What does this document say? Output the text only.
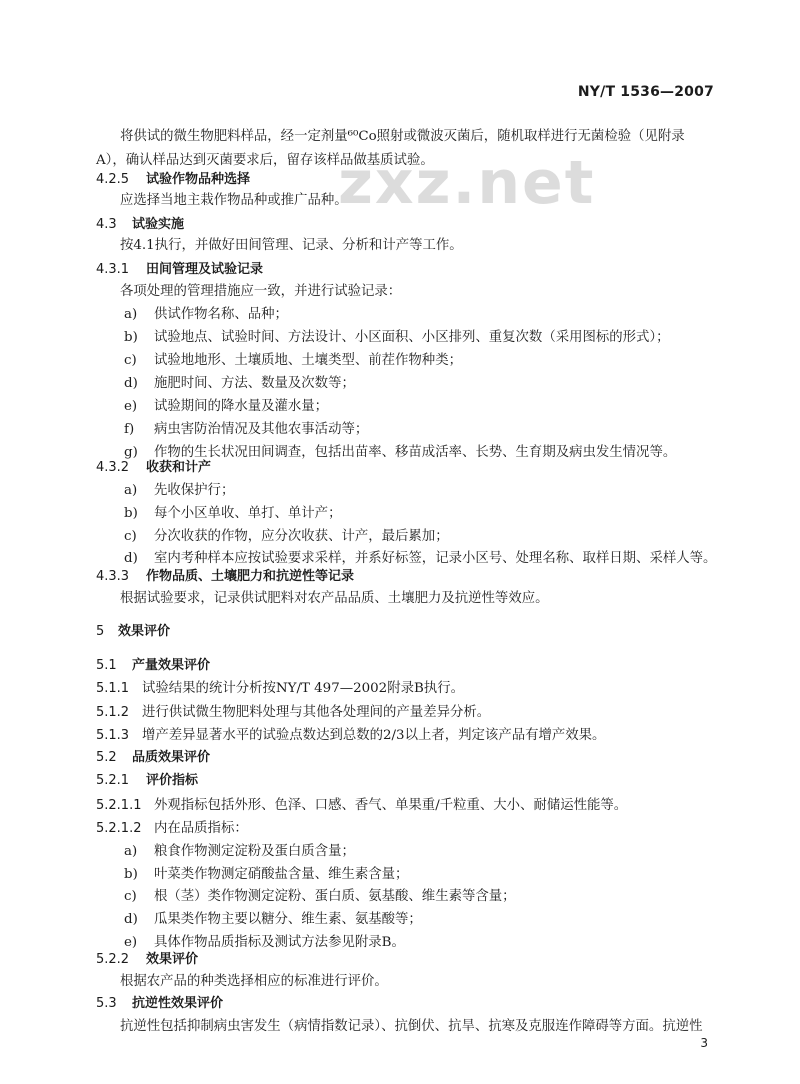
NY/T 1536—2007
zxz.net
将供试的微生物肥料样品，经一定剂量⁶⁰Co照射或微波灭菌后，随机取样进行无菌检验（见附录
A），确认样品达到灭菌要求后，留存该样品做基质试验。
4.2.5 试验作物品种选择
应选择当地主栽作物品种或推广品种。
4.3 试验实施
按4.1执行，并做好田间管理、记录、分析和计产等工作。
4.3.1 田间管理及试验记录
各项处理的管理措施应一致，并进行试验记录：
a) 供试作物名称、品种；
b) 试验地点、试验时间、方法设计、小区面积、小区排列、重复次数（采用图标的形式）；
c) 试验地地形、土壤质地、土壤类型、前茬作物种类；
d) 施肥时间、方法、数量及次数等；
e) 试验期间的降水量及灌水量；
f) 病虫害防治情况及其他农事活动等；
g) 作物的生长状况田间调查，包括出苗率、移苗成活率、长势、生育期及病虫发生情况等。
4.3.2 收获和计产
a) 先收保护行；
b) 每个小区单收、单打、单计产；
c) 分次收获的作物，应分次收获、计产，最后累加；
d) 室内考种样本应按试验要求采样，并系好标签，记录小区号、处理名称、取样日期、采样人等。
4.3.3 作物品质、土壤肥力和抗逆性等记录
根据试验要求，记录供试肥料对农产品品质、土壤肥力及抗逆性等效应。
5 效果评价
5.1 产量效果评价
5.1.1 试验结果的统计分析按NY/T 497—2002附录B执行。
5.1.2 进行供试微生物肥料处理与其他各处理间的产量差异分析。
5.1.3 增产差异显著水平的试验点数达到总数的2/3以上者，判定该产品有增产效果。
5.2 品质效果评价
5.2.1 评价指标
5.2.1.1 外观指标包括外形、色泽、口感、香气、单果重/千粒重、大小、耐储运性能等。
5.2.1.2 内在品质指标：
a) 粮食作物测定淀粉及蛋白质含量；
b) 叶菜类作物测定硝酸盐含量、维生素含量；
c) 根（茎）类作物测定淀粉、蛋白质、氨基酸、维生素等含量；
d) 瓜果类作物主要以糖分、维生素、氨基酸等；
e) 具体作物品质指标及测试方法参见附录B。
5.2.2 效果评价
根据农产品的种类选择相应的标准进行评价。
5.3 抗逆性效果评价
抗逆性包括抑制病虫害发生（病情指数记录）、抗倒伏、抗旱、抗寒及克服连作障碍等方面。抗逆性
3
